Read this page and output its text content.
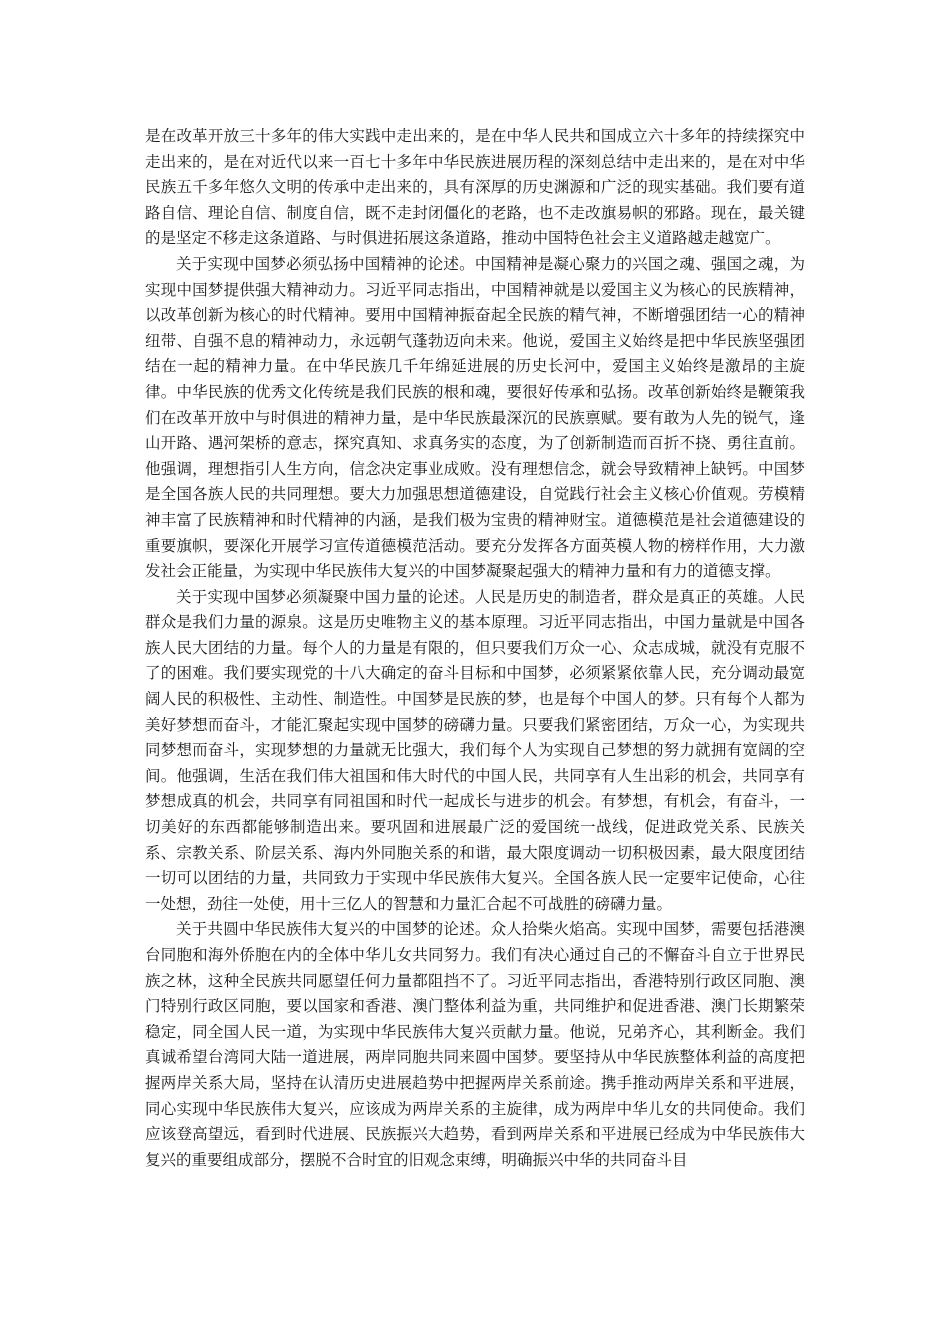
是在改革开放三十多年的伟大实践中走出来的，是在中华人民共和国成立六十多年的持续探究中走出来的，是在对近代以来一百七十多年中华民族进展历程的深刻总结中走出来的，是在对中华民族五千多年悠久文明的传承中走出来的，具有深厚的历史渊源和广泛的现实基础。我们要有道路自信、理论自信、制度自信，既不走封闭僵化的老路，也不走改旗易帜的邪路。现在，最关键的是坚定不移走这条道路、与时俱进拓展这条道路，推动中国特色社会主义道路越走越宽广。

关于实现中国梦必须弘扬中国精神的论述。中国精神是凝心聚力的兴国之魂、强国之魂，为实现中国梦提供强大精神动力。习近平同志指出，中国精神就是以爱国主义为核心的民族精神，以改革创新为核心的时代精神。要用中国精神振奋起全民族的精气神，不断增强团结一心的精神纽带、自强不息的精神动力，永远朝气蓬勃迈向未来。他说，爱国主义始终是把中华民族坚强团结在一起的精神力量。在中华民族几千年绵延进展的历史长河中，爱国主义始终是激昂的主旋律。中华民族的优秀文化传统是我们民族的根和魂，要很好传承和弘扬。改革创新始终是鞭策我们在改革开放中与时俱进的精神力量，是中华民族最深沉的民族禀赋。要有敢为人先的锐气，逢山开路、遇河架桥的意志，探究真知、求真务实的态度，为了创新制造而百折不挠、勇往直前。他强调，理想指引人生方向，信念决定事业成败。没有理想信念，就会导致精神上缺钙。中国梦是全国各族人民的共同理想。要大力加强思想道德建设，自觉践行社会主义核心价值观。劳模精神丰富了民族精神和时代精神的内涵，是我们极为宝贵的精神财宝。道德模范是社会道德建设的重要旗帜，要深化开展学习宣传道德模范活动。要充分发挥各方面英模人物的榜样作用，大力激发社会正能量，为实现中华民族伟大复兴的中国梦凝聚起强大的精神力量和有力的道德支撑。

关于实现中国梦必须凝聚中国力量的论述。人民是历史的制造者，群众是真正的英雄。人民群众是我们力量的源泉。这是历史唯物主义的基本原理。习近平同志指出，中国力量就是中国各族人民大团结的力量。每个人的力量是有限的，但只要我们万众一心、众志成城，就没有克服不了的困难。我们要实现党的十八大确定的奋斗目标和中国梦，必须紧紧依靠人民，充分调动最宽阔人民的积极性、主动性、制造性。中国梦是民族的梦，也是每个中国人的梦。只有每个人都为美好梦想而奋斗，才能汇聚起实现中国梦的磅礴力量。只要我们紧密团结，万众一心，为实现共同梦想而奋斗，实现梦想的力量就无比强大，我们每个人为实现自己梦想的努力就拥有宽阔的空间。他强调，生活在我们伟大祖国和伟大时代的中国人民，共同享有人生出彩的机会，共同享有梦想成真的机会，共同享有同祖国和时代一起成长与进步的机会。有梦想，有机会，有奋斗，一切美好的东西都能够制造出来。要巩固和进展最广泛的爱国统一战线，促进政党关系、民族关系、宗教关系、阶层关系、海内外同胞关系的和谐，最大限度调动一切积极因素，最大限度团结一切可以团结的力量，共同致力于实现中华民族伟大复兴。全国各族人民一定要牢记使命，心往一处想，劲往一处使，用十三亿人的智慧和力量汇合起不可战胜的磅礴力量。

关于共圆中华民族伟大复兴的中国梦的论述。众人拾柴火焰高。实现中国梦，需要包括港澳台同胞和海外侨胞在内的全体中华儿女共同努力。我们有决心通过自己的不懈奋斗自立于世界民族之林，这种全民族共同愿望任何力量都阻挡不了。习近平同志指出，香港特别行政区同胞、澳门特别行政区同胞，要以国家和香港、澳门整体利益为重，共同维护和促进香港、澳门长期繁荣稳定，同全国人民一道，为实现中华民族伟大复兴贡献力量。他说，兄弟齐心，其利断金。我们真诚希望台湾同大陆一道进展，两岸同胞共同来圆中国梦。要坚持从中华民族整体利益的高度把握两岸关系大局，坚持在认清历史进展趋势中把握两岸关系前途。携手推动两岸关系和平进展，同心实现中华民族伟大复兴，应该成为两岸关系的主旋律，成为两岸中华儿女的共同使命。我们应该登高望远，看到时代进展、民族振兴大趋势，看到两岸关系和平进展已经成为中华民族伟大复兴的重要组成部分，摆脱不合时宜的旧观念束缚，明确振兴中华的共同奋斗目
